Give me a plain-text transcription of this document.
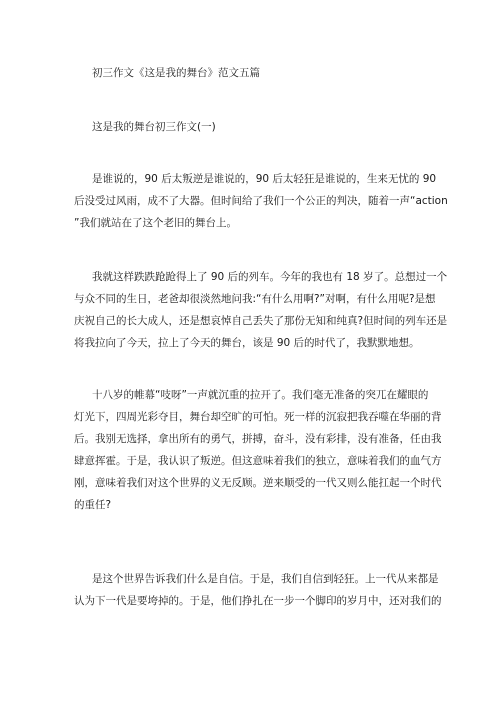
初三作文《这是我的舞台》范文五篇
这是我的舞台初三作文(一)
是谁说的，90 后太叛逆是谁说的，90 后太轻狂是谁说的，生来无忧的 90
后没受过风雨，成不了大器。但时间给了我们一个公正的判决，随着一声“action
”我们就站在了这个老旧的舞台上。
我就这样跌跌跄跄得上了 90 后的列车。今年的我也有 18 岁了。总想过一个
与众不同的生日，老爸却很淡然地问我:“有什么用啊?”对啊，有什么用呢?是想
庆祝自己的长大成人，还是想哀悼自己丢失了那份无知和纯真?但时间的列车还是
将我拉向了今天，拉上了今天的舞台，该是 90 后的时代了，我默默地想。
十八岁的帷幕“吱呀”一声就沉重的拉开了。我们毫无准备的突兀在耀眼的
灯光下，四周光彩夺目，舞台却空旷的可怕。死一样的沉寂把我吞噬在华丽的背
后。我别无选择，拿出所有的勇气，拼搏，奋斗，没有彩排，没有准备，任由我
肆意挥霍。于是，我认识了叛逆。但这意味着我们的独立，意味着我们的血气方
刚，意味着我们对这个世界的义无反顾。逆来顺受的一代又则么能扛起一个时代
的重任?
是这个世界告诉我们什么是自信。于是，我们自信到轻狂。上一代从来都是
认为下一代是要垮掉的。于是，他们挣扎在一步一个脚印的岁月中，还对我们的
